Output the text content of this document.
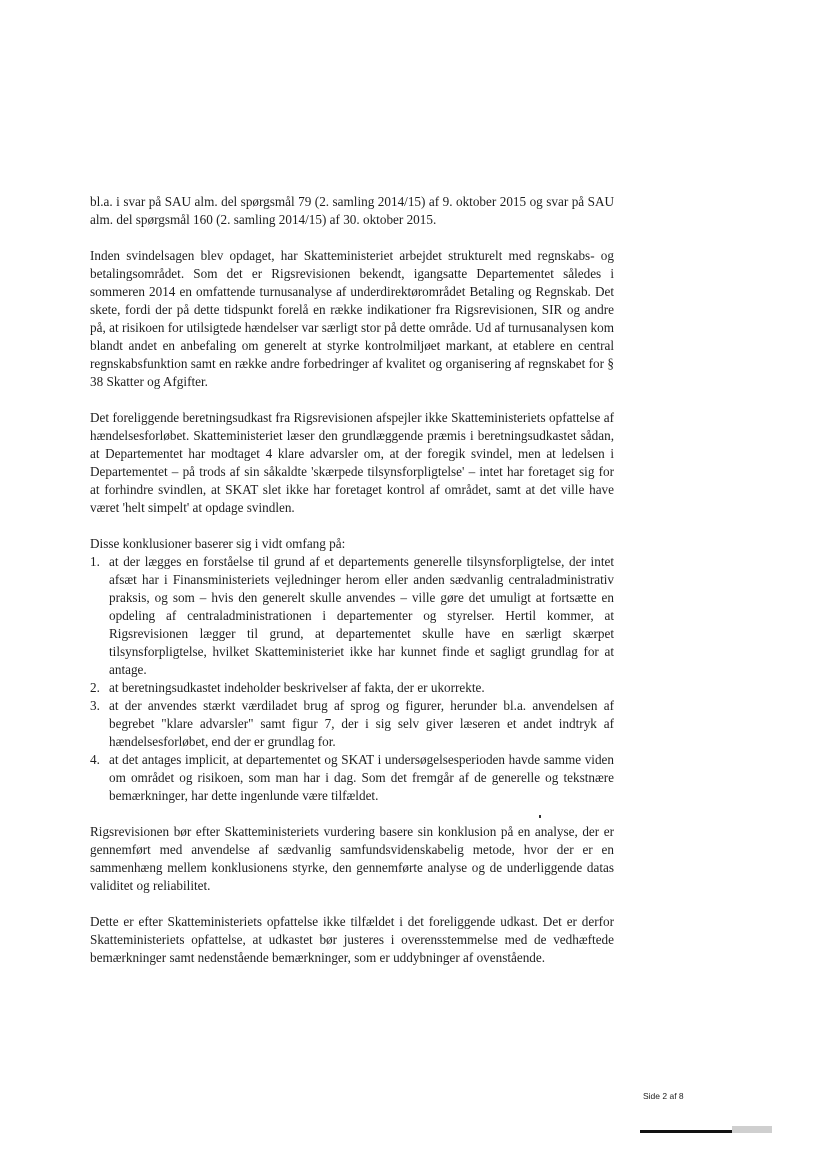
bl.a. i svar på SAU alm. del spørgsmål 79 (2. samling 2014/15) af 9. oktober 2015 og svar på SAU alm. del spørgsmål 160 (2. samling 2014/15) af 30. oktober 2015.

Inden svindelsagen blev opdaget, har Skatteministeriet arbejdet strukturelt med regnskabs- og betalingsområdet. Som det er Rigsrevisionen bekendt, igangsatte Departementet således i sommeren 2014 en omfattende turnusanalyse af underdirektørområdet Betaling og Regnskab. Det skete, fordi der på dette tidspunkt forelå en række indikationer fra Rigsrevisionen, SIR og andre på, at risikoen for utilsigtede hændelser var særligt stor på dette område. Ud af turnusanalysen kom blandt andet en anbefaling om generelt at styrke kontrolmiljøet markant, at etablere en central regnskabsfunktion samt en række andre forbedringer af kvalitet og organisering af regnskabet for § 38 Skatter og Afgifter.

Det foreliggende beretningsudkast fra Rigsrevisionen afspejler ikke Skatteministeriets opfattelse af hændelsesforløbet. Skatteministeriet læser den grundlæggende præmis i beretningsudkastet sådan, at Departementet har modtaget 4 klare advarsler om, at der foregik svindel, men at ledelsen i Departementet – på trods af sin såkaldte 'skærpede tilsynsforpligtelse' – intet har foretaget sig for at forhindre svindlen, at SKAT slet ikke har foretaget kontrol af området, samt at det ville have været 'helt simpelt' at opdage svindlen.

Disse konklusioner baserer sig i vidt omfang på:

1. at der lægges en forståelse til grund af et departements generelle tilsynsforpligtelse, der intet afsæt har i Finansministeriets vejledninger herom eller anden sædvanlig centraladministrativ praksis, og som – hvis den generelt skulle anvendes – ville gøre det umuligt at fortsætte en opdeling af centraladministrationen i departementer og styrelser. Hertil kommer, at Rigsrevisionen lægger til grund, at departementet skulle have en særligt skærpet tilsynsforpligtelse, hvilket Skatteministeriet ikke har kunnet finde et sagligt grundlag for at antage.
2. at beretningsudkastet indeholder beskrivelser af fakta, der er ukorrekte.
3. at der anvendes stærkt værdiladet brug af sprog og figurer, herunder bl.a. anvendelsen af begrebet "klare advarsler" samt figur 7, der i sig selv giver læseren et andet indtryk af hændelsesforløbet, end der er grundlag for.
4. at det antages implicit, at departementet og SKAT i undersøgelsesperioden havde samme viden om området og risikoen, som man har i dag. Som det fremgår af de generelle og tekstnære bemærkninger, har dette ingenlunde være tilfældet.

Rigsrevisionen bør efter Skatteministeriets vurdering basere sin konklusion på en analyse, der er gennemført med anvendelse af sædvanlig samfundsvidenskabelig metode, hvor der er en sammenhæng mellem konklusionens styrke, den gennemførte analyse og de underliggende datas validitet og reliabilitet.

Dette er efter Skatteministeriets opfattelse ikke tilfældet i det foreliggende udkast. Det er derfor Skatteministeriets opfattelse, at udkastet bør justeres i overensstemmelse med de vedhæftede bemærkninger samt nedenstående bemærkninger, som er uddybninger af ovenstående.

Side 2 af 8
